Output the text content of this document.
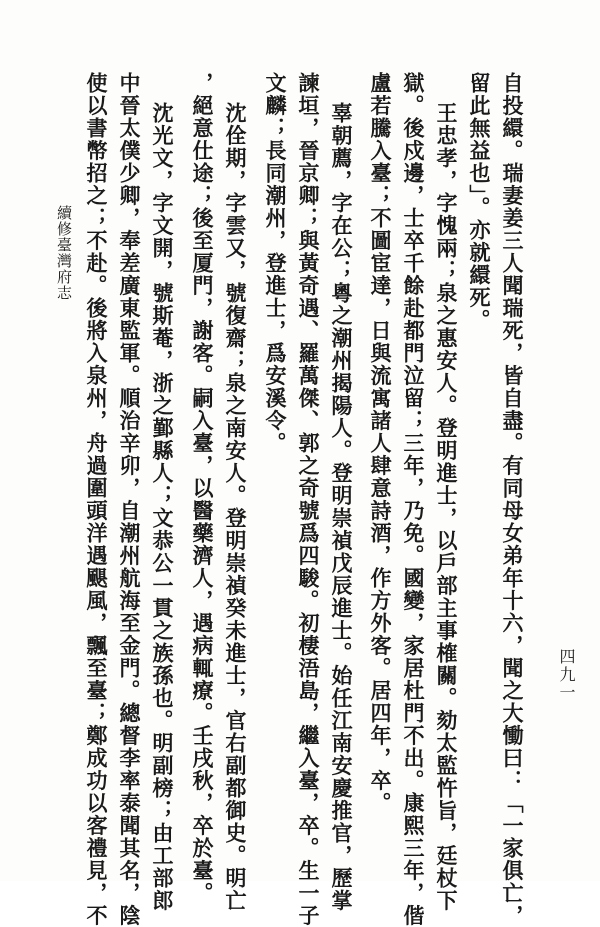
自投繯。瑞妻姜三人聞瑞死，皆自盡。有同母女弟年十六，聞之大慟曰：「一家俱亡，
留此無益也」。亦就繯死。
王忠孝，字愧兩；泉之惠安人。登明進士，以戶部主事榷關。劾太監忤旨，廷杖下
獄。後戍邊，士卒千餘赴都門泣留；三年，乃免。國變，家居杜門不出。康熙三年，偕
盧若騰入臺；不圖宦達，日與流寓諸人肆意詩酒，作方外客。居四年，卒。
辜朝薦，字在公；粵之潮州揭陽人。登明崇禎戊辰進士。始任江南安慶推官，歷掌
諫垣，晉京卿；與黃奇遇、羅萬傑、郭之奇號爲四駿。初棲浯島，繼入臺，卒。生一子
文麟；長同潮州，登進士，爲安溪令。
沈佺期，字雲又，號復齋；泉之南安人。登明崇禎癸未進士，官右副都御史。明亡
，絕意仕途；後至厦門，謝客。嗣入臺，以醫藥濟人，遇病輒療。壬戌秋，卒於臺。
沈光文，字文開，號斯菴，浙之鄞縣人；文恭公一貫之族孫也。明副榜；由工部郎
中晉太僕少卿，奉差廣東監軍。順治辛卯，自潮州航海至金門。總督李率泰聞其名，陰
使以書幣招之；不赴。後將入泉州，舟過圍頭洋遇颶風，飄至臺；鄭成功以客禮見，不
續修臺灣府志
四九一
